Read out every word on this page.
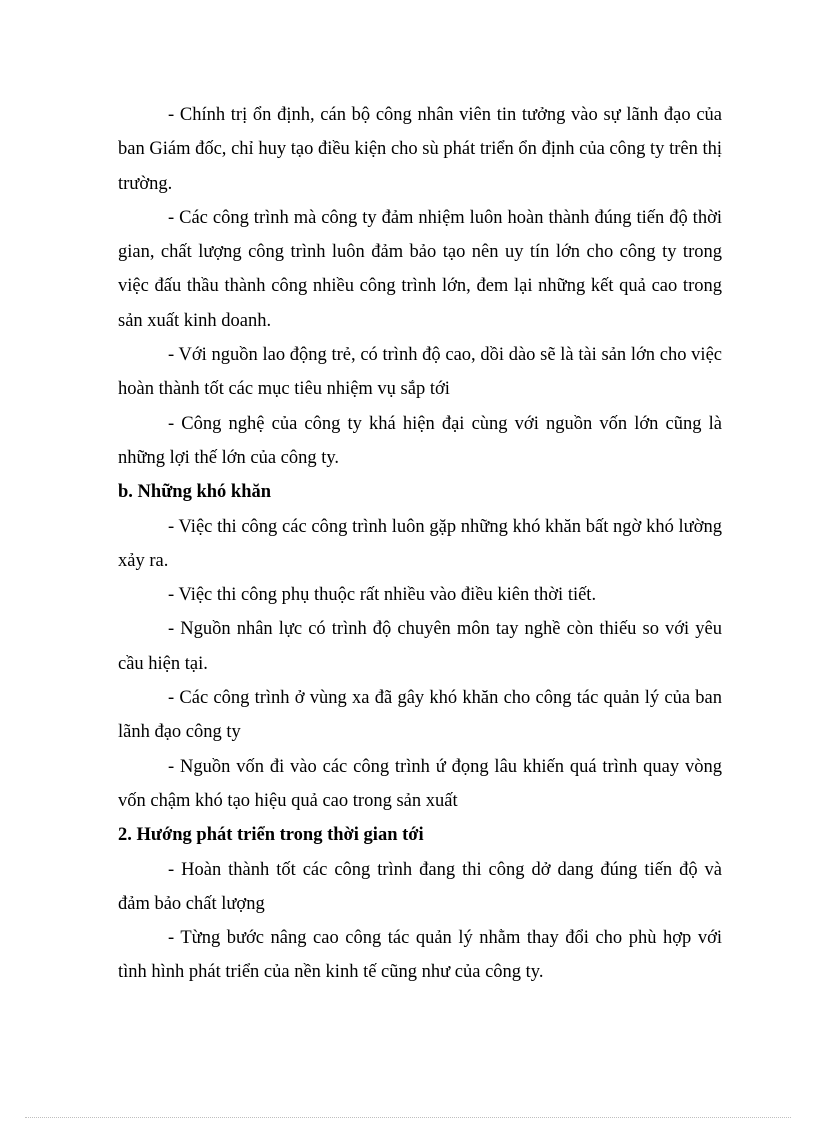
- Chính trị ổn định, cán bộ công nhân viên tin tưởng vào sự lãnh đạo của ban Giám đốc, chỉ huy tạo điều kiện cho sù phát triển ổn định của công ty trên thị trường.

- Các công trình mà công ty đảm nhiệm luôn hoàn thành đúng tiến độ thời gian, chất lượng công trình luôn đảm bảo tạo nên uy tín lớn cho công ty trong việc đấu thầu thành công nhiều công trình lớn, đem lại những kết quả cao trong sản xuất kinh doanh.

- Với nguồn lao động trẻ, có trình độ cao, dồi dào sẽ là tài sản lớn cho việc hoàn thành tốt các mục tiêu nhiệm vụ sắp tới

- Công nghệ của công ty khá hiện đại cùng với nguồn vốn lớn cũng là những lợi thế lớn của công ty.

b. Những khó khăn

- Việc thi công các công trình luôn gặp những khó khăn bất ngờ khó lường xảy ra.

- Việc thi công phụ thuộc rất nhiều vào điều kiên thời tiết.

- Nguồn nhân lực có trình độ chuyên môn tay nghề còn thiếu so với yêu cầu hiện tại.

- Các công trình ở vùng xa đã gây khó khăn cho công tác quản lý của ban lãnh đạo công ty

- Nguồn vốn đi vào các công trình ứ đọng lâu khiến quá trình quay vòng vốn chậm khó tạo hiệu quả cao trong sản xuất

2. Hướng phát triển trong thời gian tới

- Hoàn thành tốt các công trình đang thi công dở dang đúng tiến độ và đảm bảo chất lượng

- Từng bước nâng cao công tác quản lý nhằm thay đổi cho phù hợp với tình hình phát triển của nền kinh tế cũng như của công ty.
